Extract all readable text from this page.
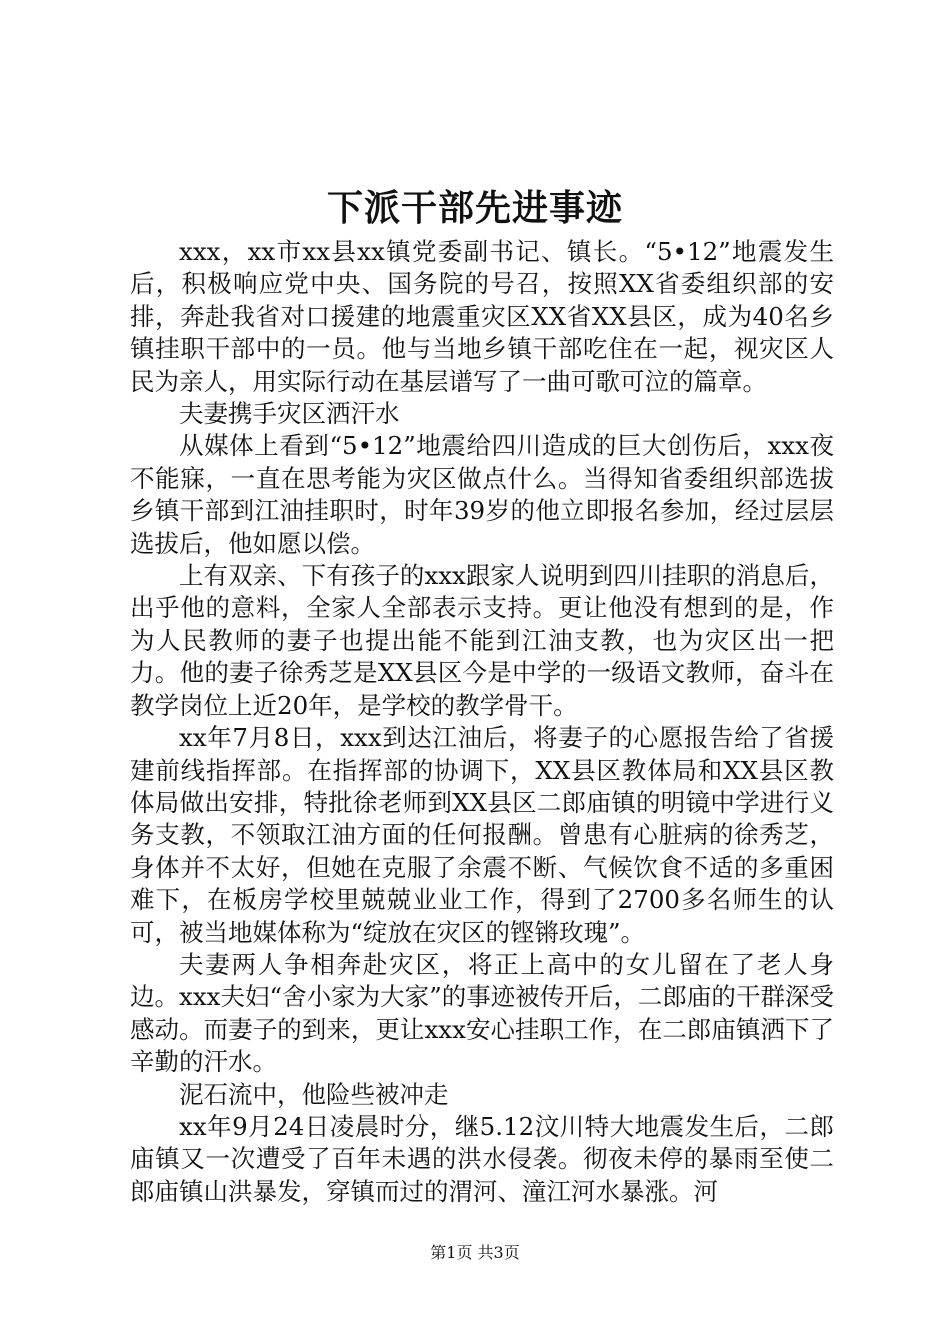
下派干部先进事迹

xxx，xx市xx县xx镇党委副书记、镇长。“5•12”地震发生后，积极响应党中央、国务院的号召，按照XX省委组织部的安排，奔赴我省对口援建的地震重灾区XX省XX县区，成为40名乡镇挂职干部中的一员。他与当地乡镇干部吃住在一起，视灾区人民为亲人，用实际行动在基层谱写了一曲可歌可泣的篇章。

夫妻携手灾区洒汗水

从媒体上看到“5•12”地震给四川造成的巨大创伤后，xxx夜不能寐，一直在思考能为灾区做点什么。当得知省委组织部选拔乡镇干部到江油挂职时，时年39岁的他立即报名参加，经过层层选拔后，他如愿以偿。

上有双亲、下有孩子的xxx跟家人说明到四川挂职的消息后，出乎他的意料，全家人全部表示支持。更让他没有想到的是，作为人民教师的妻子也提出能不能到江油支教，也为灾区出一把力。他的妻子徐秀芝是XX县区今是中学的一级语文教师，奋斗在教学岗位上近20年，是学校的教学骨干。

xx年7月8日，xxx到达江油后，将妻子的心愿报告给了省援建前线指挥部。在指挥部的协调下，XX县区教体局和XX县区教体局做出安排，特批徐老师到XX县区二郎庙镇的明镜中学进行义务支教，不领取江油方面的任何报酬。曾患有心脏病的徐秀芝，身体并不太好，但她在克服了余震不断、气候饮食不适的多重困难下，在板房学校里兢兢业业工作，得到了2700多名师生的认可，被当地媒体称为“绽放在灾区的铿锵玫瑰”。

夫妻两人争相奔赴灾区，将正上高中的女儿留在了老人身边。xxx夫妇“舍小家为大家”的事迹被传开后，二郎庙的干群深受感动。而妻子的到来，更让xxx安心挂职工作，在二郎庙镇洒下了辛勤的汗水。

泥石流中，他险些被冲走

xx年9月24日凌晨时分，继5.12汶川特大地震发生后，二郎庙镇又一次遭受了百年未遇的洪水侵袭。彻夜未停的暴雨至使二郎庙镇山洪暴发，穿镇而过的渭河、潼江河水暴涨。河

第1页 共3页
